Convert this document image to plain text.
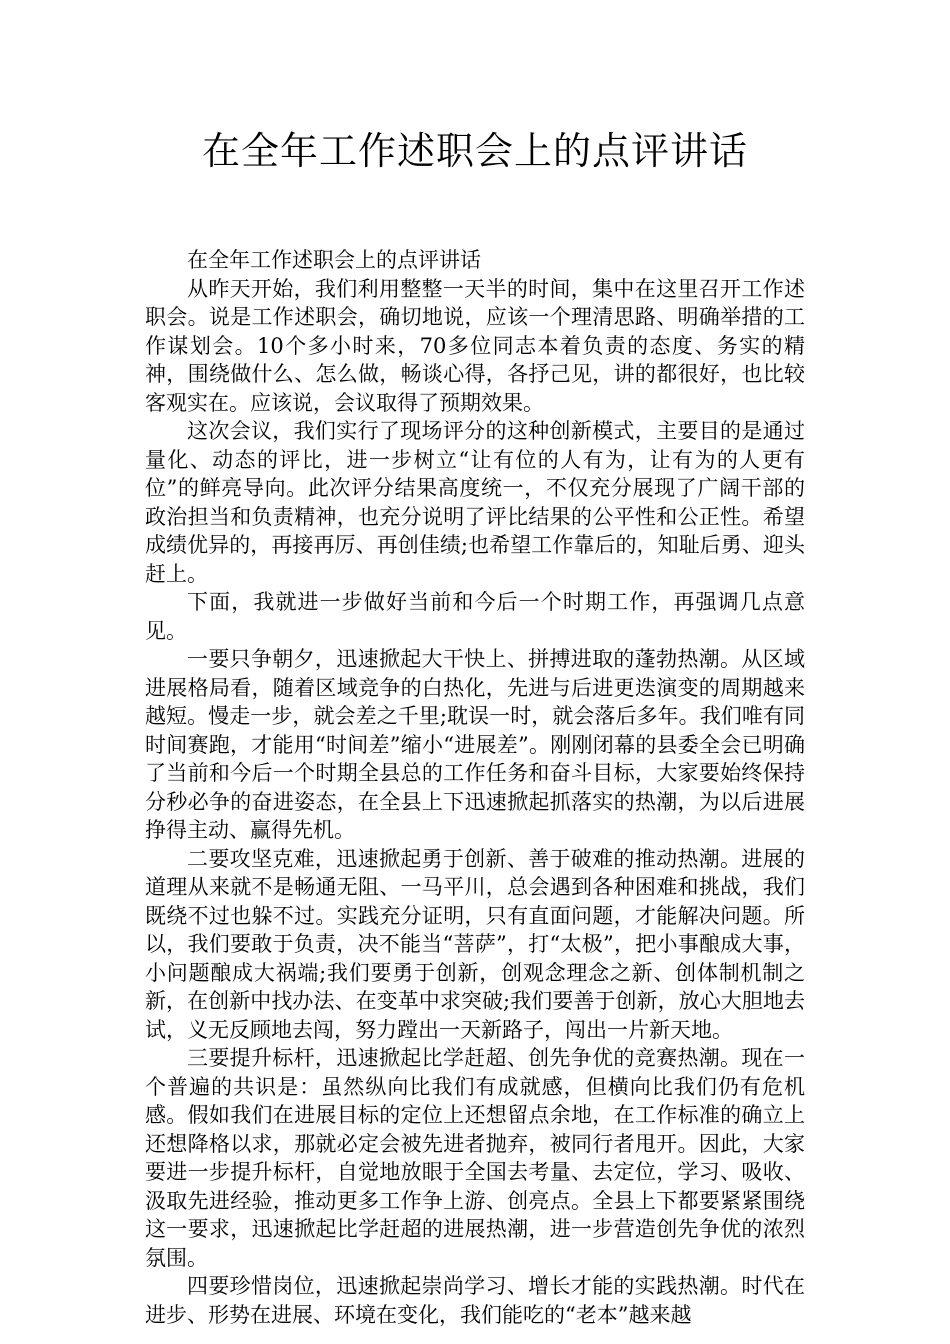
在全年工作述职会上的点评讲话

在全年工作述职会上的点评讲话

从昨天开始，我们利用整整一天半的时间，集中在这里召开工作述职会。说是工作述职会，确切地说，应该一个理清思路、明确举措的工作谋划会。10个多小时来，70多位同志本着负责的态度、务实的精神，围绕做什么、怎么做，畅谈心得，各抒己见，讲的都很好，也比较客观实在。应该说，会议取得了预期效果。

这次会议，我们实行了现场评分的这种创新模式，主要目的是通过量化、动态的评比，进一步树立“让有位的人有为，让有为的人更有位”的鲜亮导向。此次评分结果高度统一，不仅充分展现了广阔干部的政治担当和负责精神，也充分说明了评比结果的公平性和公正性。希望成绩优异的，再接再厉、再创佳绩;也希望工作靠后的，知耻后勇、迎头赶上。

下面，我就进一步做好当前和今后一个时期工作，再强调几点意见。

一要只争朝夕，迅速掀起大干快上、拼搏进取的蓬勃热潮。从区域进展格局看，随着区域竞争的白热化，先进与后进更迭演变的周期越来越短。慢走一步，就会差之千里;耽误一时，就会落后多年。我们唯有同时间赛跑，才能用“时间差”缩小“进展差”。刚刚闭幕的县委全会已明确了当前和今后一个时期全县总的工作任务和奋斗目标，大家要始终保持分秒必争的奋进姿态，在全县上下迅速掀起抓落实的热潮，为以后进展挣得主动、赢得先机。

二要攻坚克难，迅速掀起勇于创新、善于破难的推动热潮。进展的道理从来就不是畅通无阻、一马平川，总会遇到各种困难和挑战，我们既绕不过也躲不过。实践充分证明，只有直面问题，才能解决问题。所以，我们要敢于负责，决不能当“菩萨”，打“太极”，把小事酿成大事，小问题酿成大祸端;我们要勇于创新，创观念理念之新、创体制机制之新，在创新中找办法、在变革中求突破;我们要善于创新，放心大胆地去试，义无反顾地去闯，努力蹚出一天新路子，闯出一片新天地。

三要提升标杆，迅速掀起比学赶超、创先争优的竞赛热潮。现在一个普遍的共识是：虽然纵向比我们有成就感，但横向比我们仍有危机感。假如我们在进展目标的定位上还想留点余地，在工作标准的确立上还想降格以求，那就必定会被先进者抛弃，被同行者甩开。因此，大家要进一步提升标杆，自觉地放眼于全国去考量、去定位，学习、吸收、汲取先进经验，推动更多工作争上游、创亮点。全县上下都要紧紧围绕这一要求，迅速掀起比学赶超的进展热潮，进一步营造创先争优的浓烈氛围。

四要珍惜岗位，迅速掀起崇尚学习、增长才能的实践热潮。时代在进步、形势在进展、环境在变化，我们能吃的“老本”越来越
